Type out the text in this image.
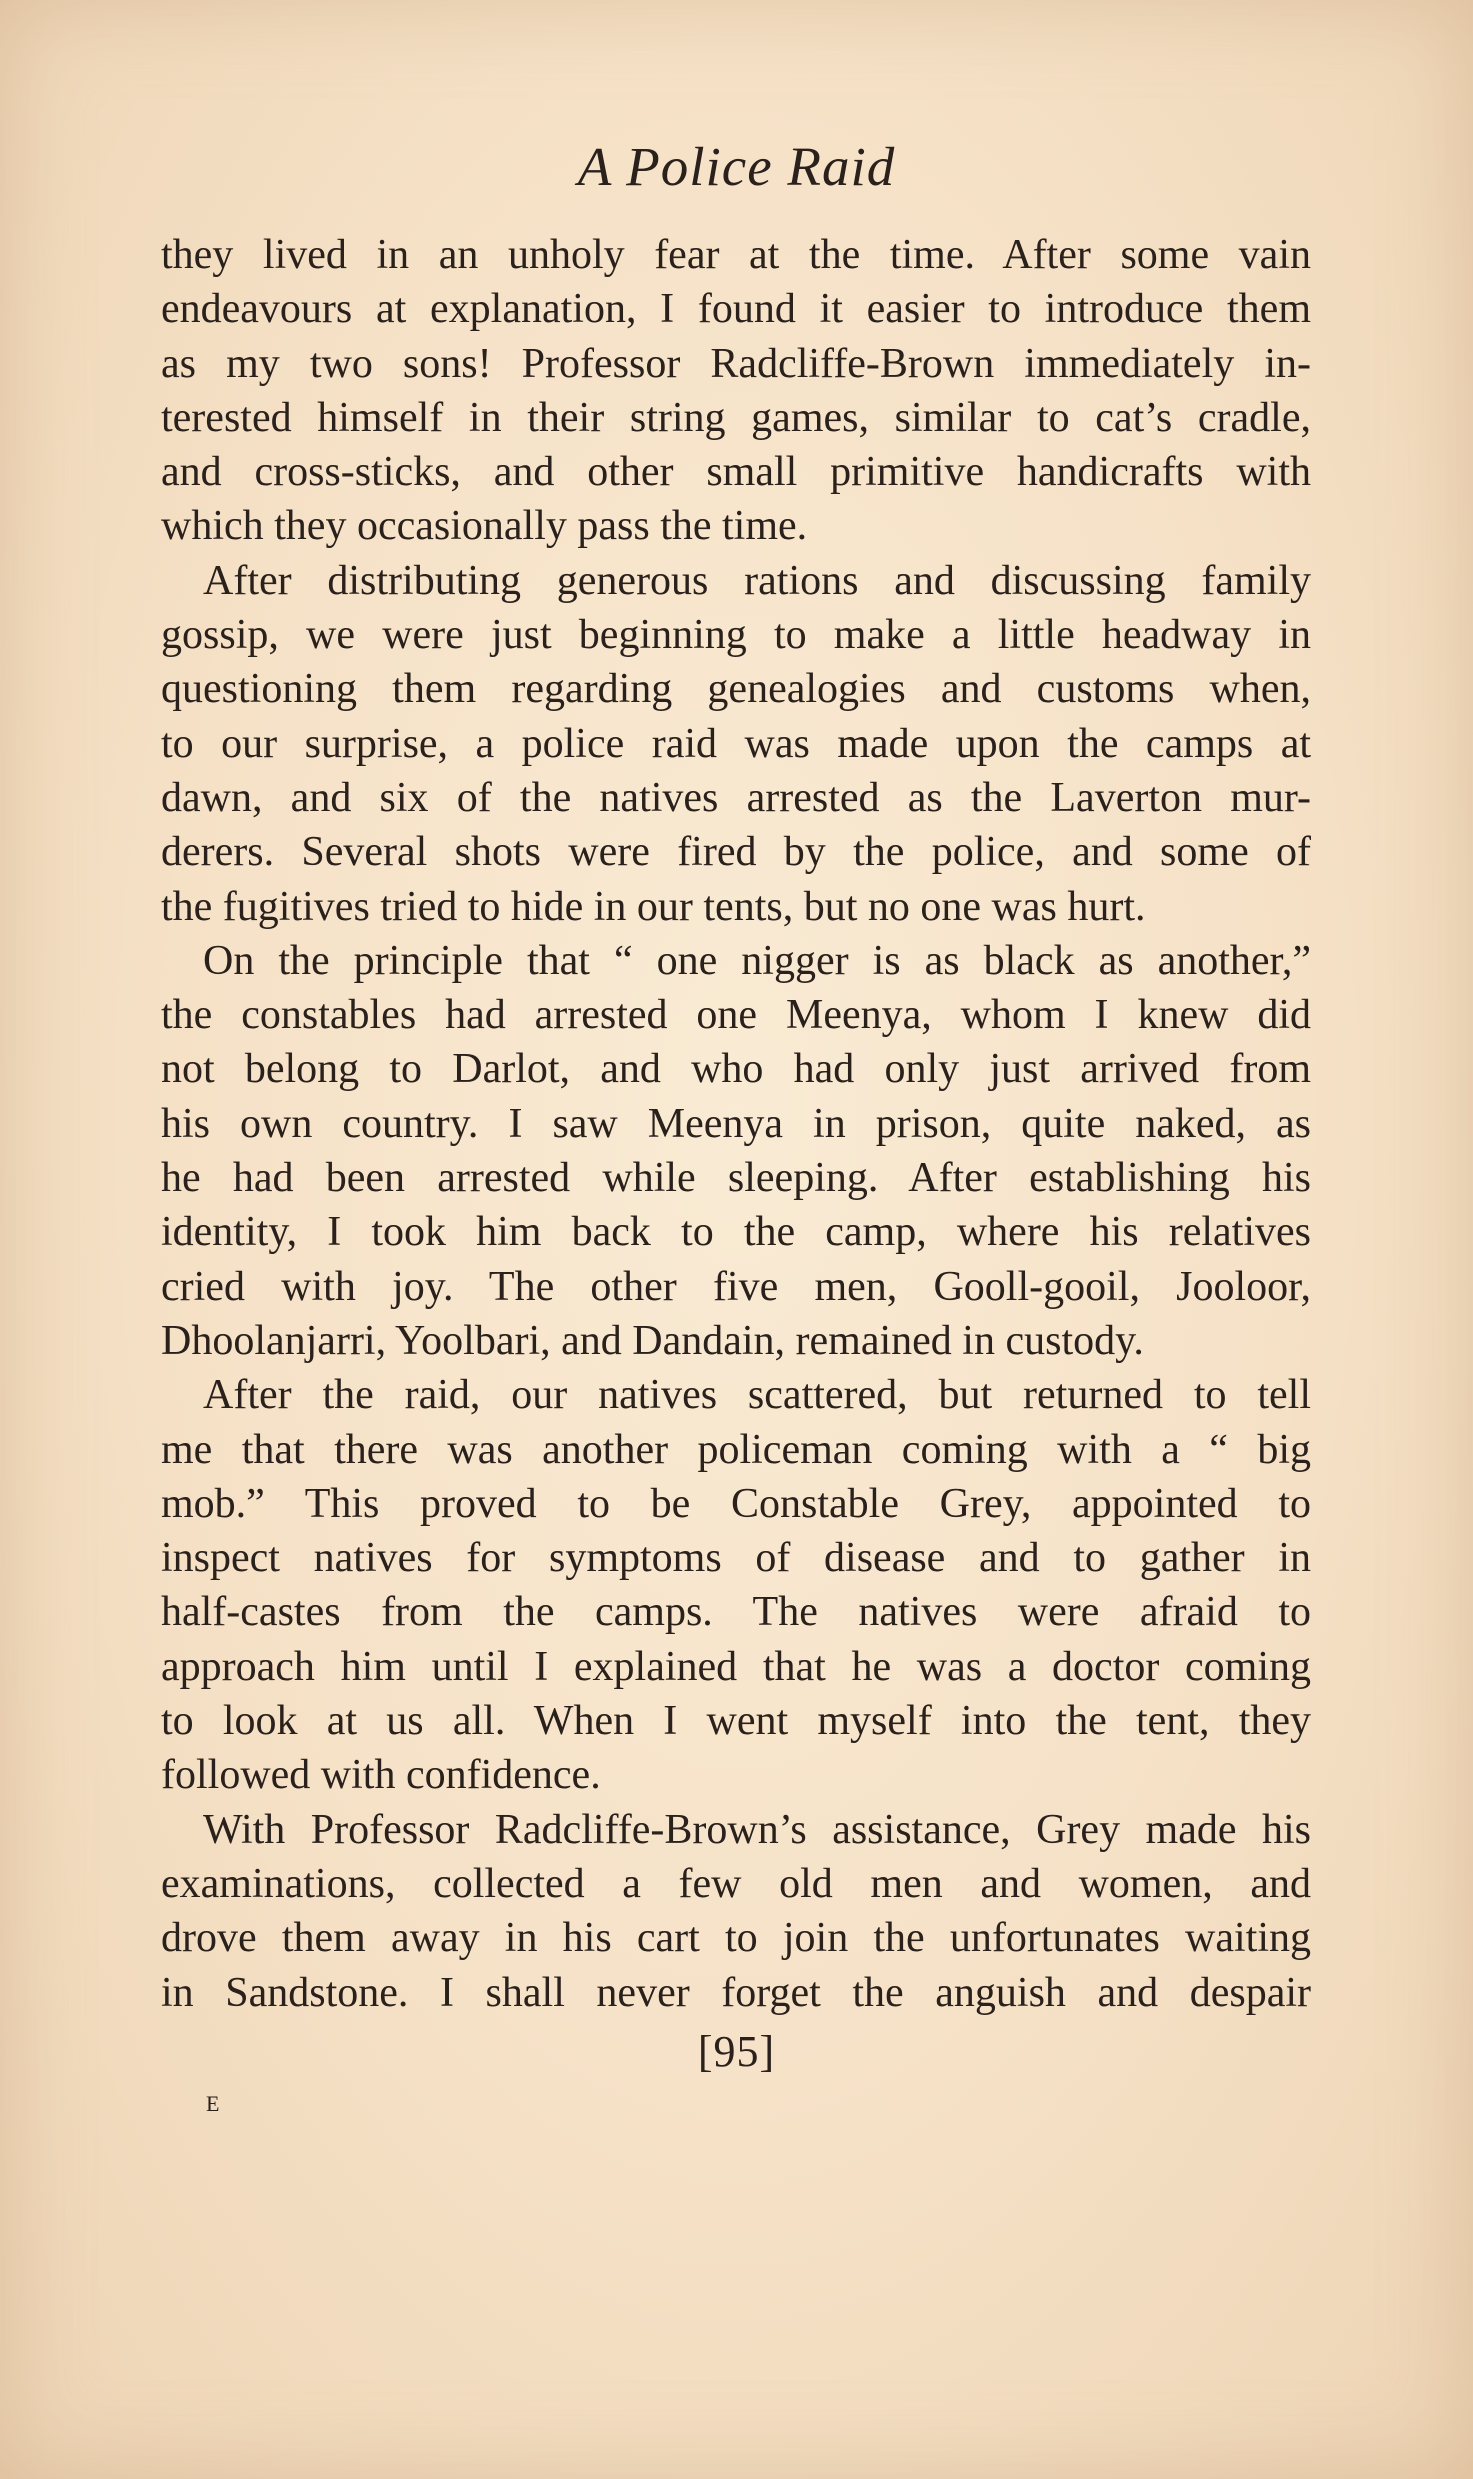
A Police Raid
they lived in an unholy fear at the time. After some vain
endeavours at explanation, I found it easier to introduce them
as my two sons! Professor Radcliffe-Brown immediately in-
terested himself in their string games, similar to cat’s cradle,
and cross-sticks, and other small primitive handicrafts with
which they occasionally pass the time.
After distributing generous rations and discussing family
gossip, we were just beginning to make a little headway in
questioning them regarding genealogies and customs when,
to our surprise, a police raid was made upon the camps at
dawn, and six of the natives arrested as the Laverton mur-
derers. Several shots were fired by the police, and some of
the fugitives tried to hide in our tents, but no one was hurt.
On the principle that “ one nigger is as black as another,”
the constables had arrested one Meenya, whom I knew did
not belong to Darlot, and who had only just arrived from
his own country. I saw Meenya in prison, quite naked, as
he had been arrested while sleeping. After establishing his
identity, I took him back to the camp, where his relatives
cried with joy. The other five men, Gooll-gooil, Jooloor,
Dhoolanjarri, Yoolbari, and Dandain, remained in custody.
After the raid, our natives scattered, but returned to tell
me that there was another policeman coming with a “ big
mob.” This proved to be Constable Grey, appointed to
inspect natives for symptoms of disease and to gather in
half-castes from the camps. The natives were afraid to
approach him until I explained that he was a doctor coming
to look at us all. When I went myself into the tent, they
followed with confidence.
With Professor Radcliffe-Brown’s assistance, Grey made his
examinations, collected a few old men and women, and
drove them away in his cart to join the unfortunates waiting
in Sandstone. I shall never forget the anguish and despair
[95]
E
